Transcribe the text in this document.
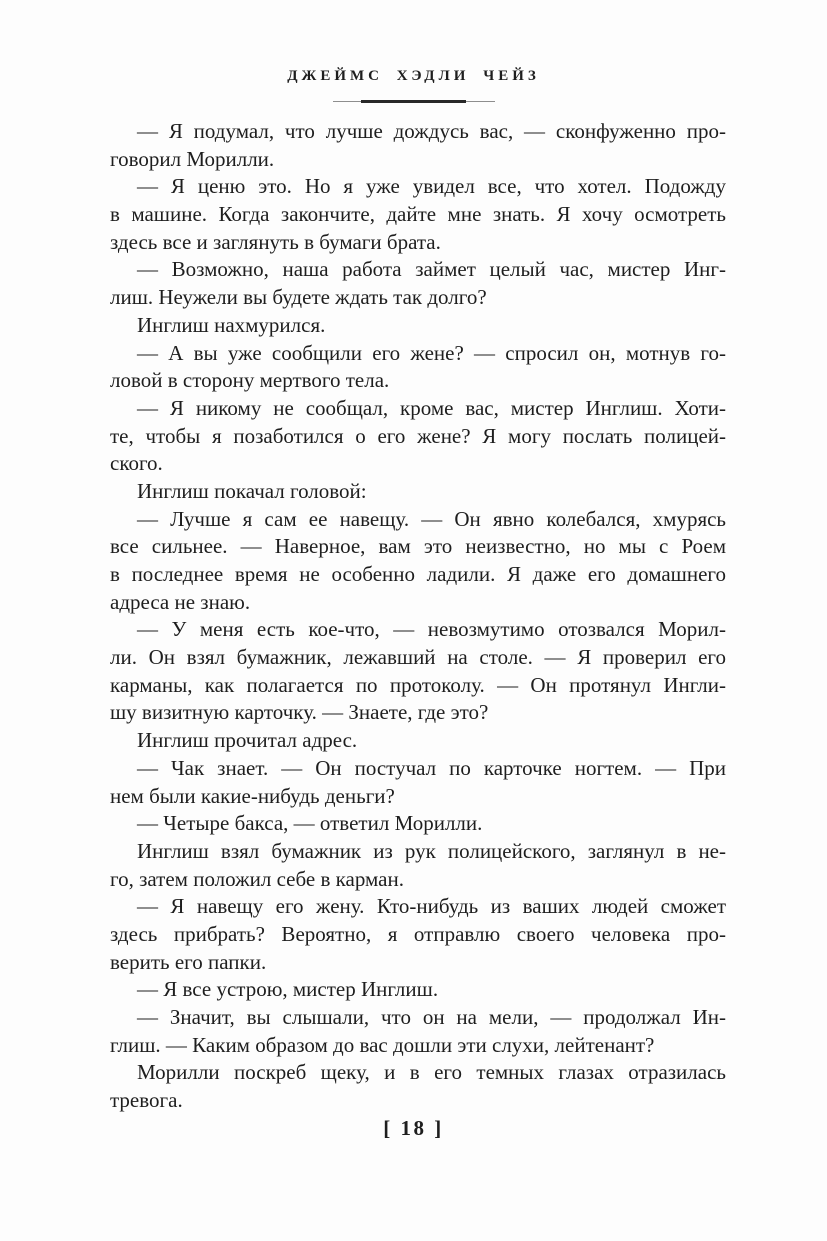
ДЖЕЙМС ХЭДЛИ ЧЕЙЗ
— Я подумал, что лучше дождусь вас, — сконфуженно про-
говорил Морилли.
— Я ценю это. Но я уже увидел все, что хотел. Подожду
в машине. Когда закончите, дайте мне знать. Я хочу осмотреть
здесь все и заглянуть в бумаги брата.
— Возможно, наша работа займет целый час, мистер Инг-
лиш. Неужели вы будете ждать так долго?
Инглиш нахмурился.
— А вы уже сообщили его жене? — спросил он, мотнув го-
ловой в сторону мертвого тела.
— Я никому не сообщал, кроме вас, мистер Инглиш. Хоти-
те, чтобы я позаботился о его жене? Я могу послать полицей-
ского.
Инглиш покачал головой:
— Лучше я сам ее навещу. — Он явно колебался, хмурясь
все сильнее. — Наверное, вам это неизвестно, но мы с Роем
в последнее время не особенно ладили. Я даже его домашнего
адреса не знаю.
— У меня есть кое-что, — невозмутимо отозвался Морил-
ли. Он взял бумажник, лежавший на столе. — Я проверил его
карманы, как полагается по протоколу. — Он протянул Ингли-
шу визитную карточку. — Знаете, где это?
Инглиш прочитал адрес.
— Чак знает. — Он постучал по карточке ногтем. — При
нем были какие-нибудь деньги?
— Четыре бакса, — ответил Морилли.
Инглиш взял бумажник из рук полицейского, заглянул в не-
го, затем положил себе в карман.
— Я навещу его жену. Кто-нибудь из ваших людей сможет
здесь прибрать? Вероятно, я отправлю своего человека про-
верить его папки.
— Я все устрою, мистер Инглиш.
— Значит, вы слышали, что он на мели, — продолжал Ин-
глиш. — Каким образом до вас дошли эти слухи, лейтенант?
Морилли поскреб щеку, и в его темных глазах отразилась
тревога.
[ 18 ]
